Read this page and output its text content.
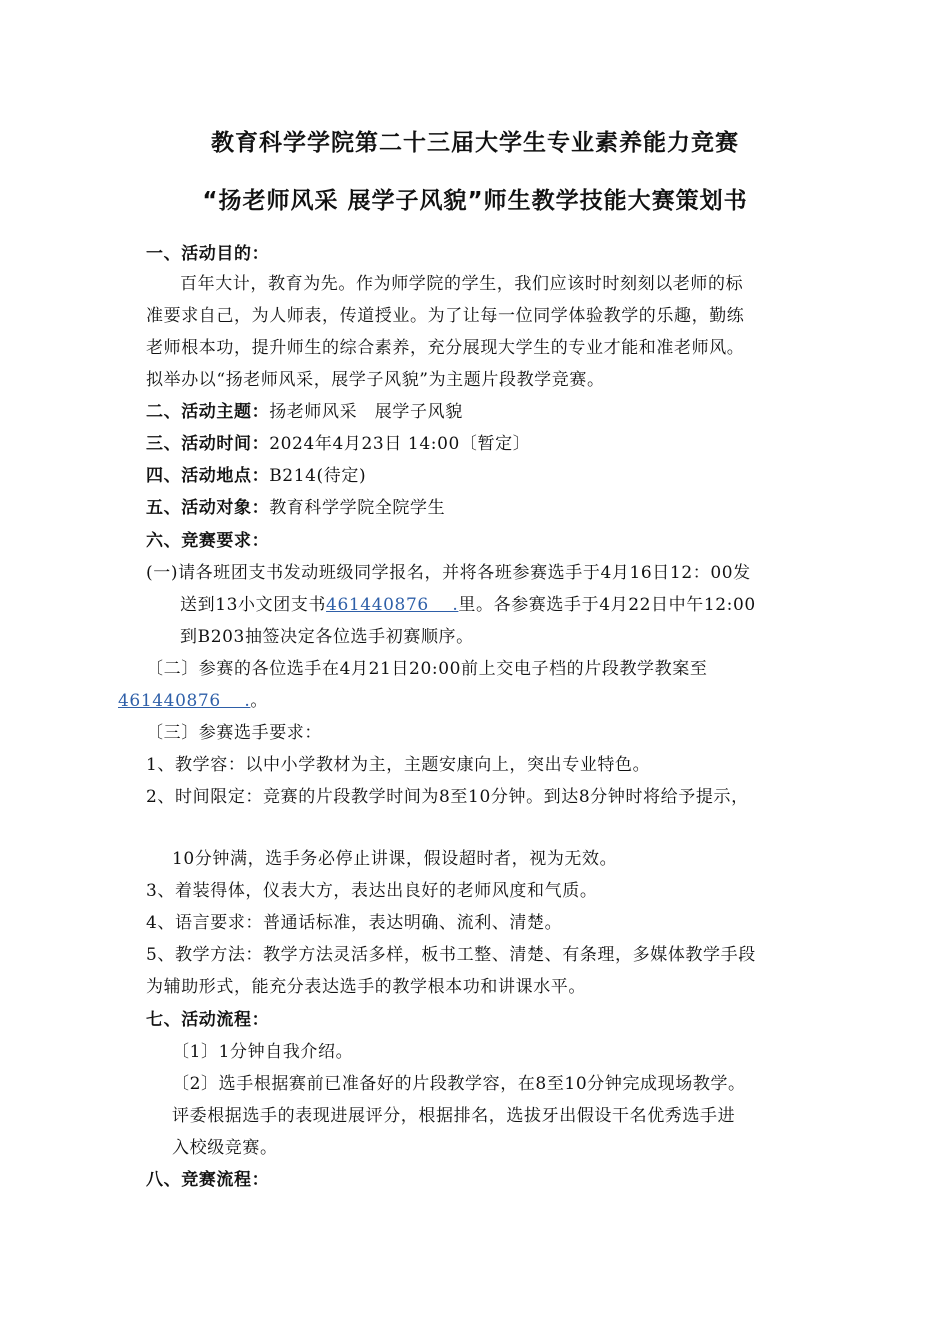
教育科学学院第二十三届大学生专业素养能力竞赛
“扬老师风采 展学子风貌”师生教学技能大赛策划书
一、活动目的：
百年大计，教育为先。作为师学院的学生，我们应该时时刻刻以老师的标
准要求自己，为人师表，传道授业。为了让每一位同学体验教学的乐趣，勤练
老师根本功，提升师生的综合素养，充分展现大学生的专业才能和准老师风。
拟举办以“扬老师风采，展学子风貌”为主题片段教学竞赛。
二、活动主题：扬老师风采　展学子风貌
三、活动时间：2024年4月23日 14:00〔暂定〕
四、活动地点：B214(待定)
五、活动对象：教育科学学院全院学生
六、竞赛要求：
(一)请各班团支书发动班级同学报名，并将各班参赛选手于4月16日12：00发
送到13小文团支书461440876　 .里。各参赛选手于4月22日中午12:00
到B203抽签决定各位选手初赛顺序。
〔二〕参赛的各位选手在4月21日20:00前上交电子档的片段教学教案至
461440876　 .。
〔三〕参赛选手要求：
1、教学容：以中小学教材为主，主题安康向上，突出专业特色。
2、时间限定：竞赛的片段教学时间为8至10分钟。到达8分钟时将给予提示，
10分钟满，选手务必停止讲课，假设超时者，视为无效。
3、着装得体，仪表大方，表达出良好的老师风度和气质。
4、语言要求：普通话标准，表达明确、流利、清楚。
5、教学方法：教学方法灵活多样，板书工整、清楚、有条理，多媒体教学手段
为辅助形式，能充分表达选手的教学根本功和讲课水平。
七、活动流程：
〔1〕1分钟自我介绍。
〔2〕选手根据赛前已准备好的片段教学容，在8至10分钟完成现场教学。
评委根据选手的表现进展评分，根据排名，选拔牙出假设干名优秀选手进
入校级竞赛。
八、竞赛流程：
